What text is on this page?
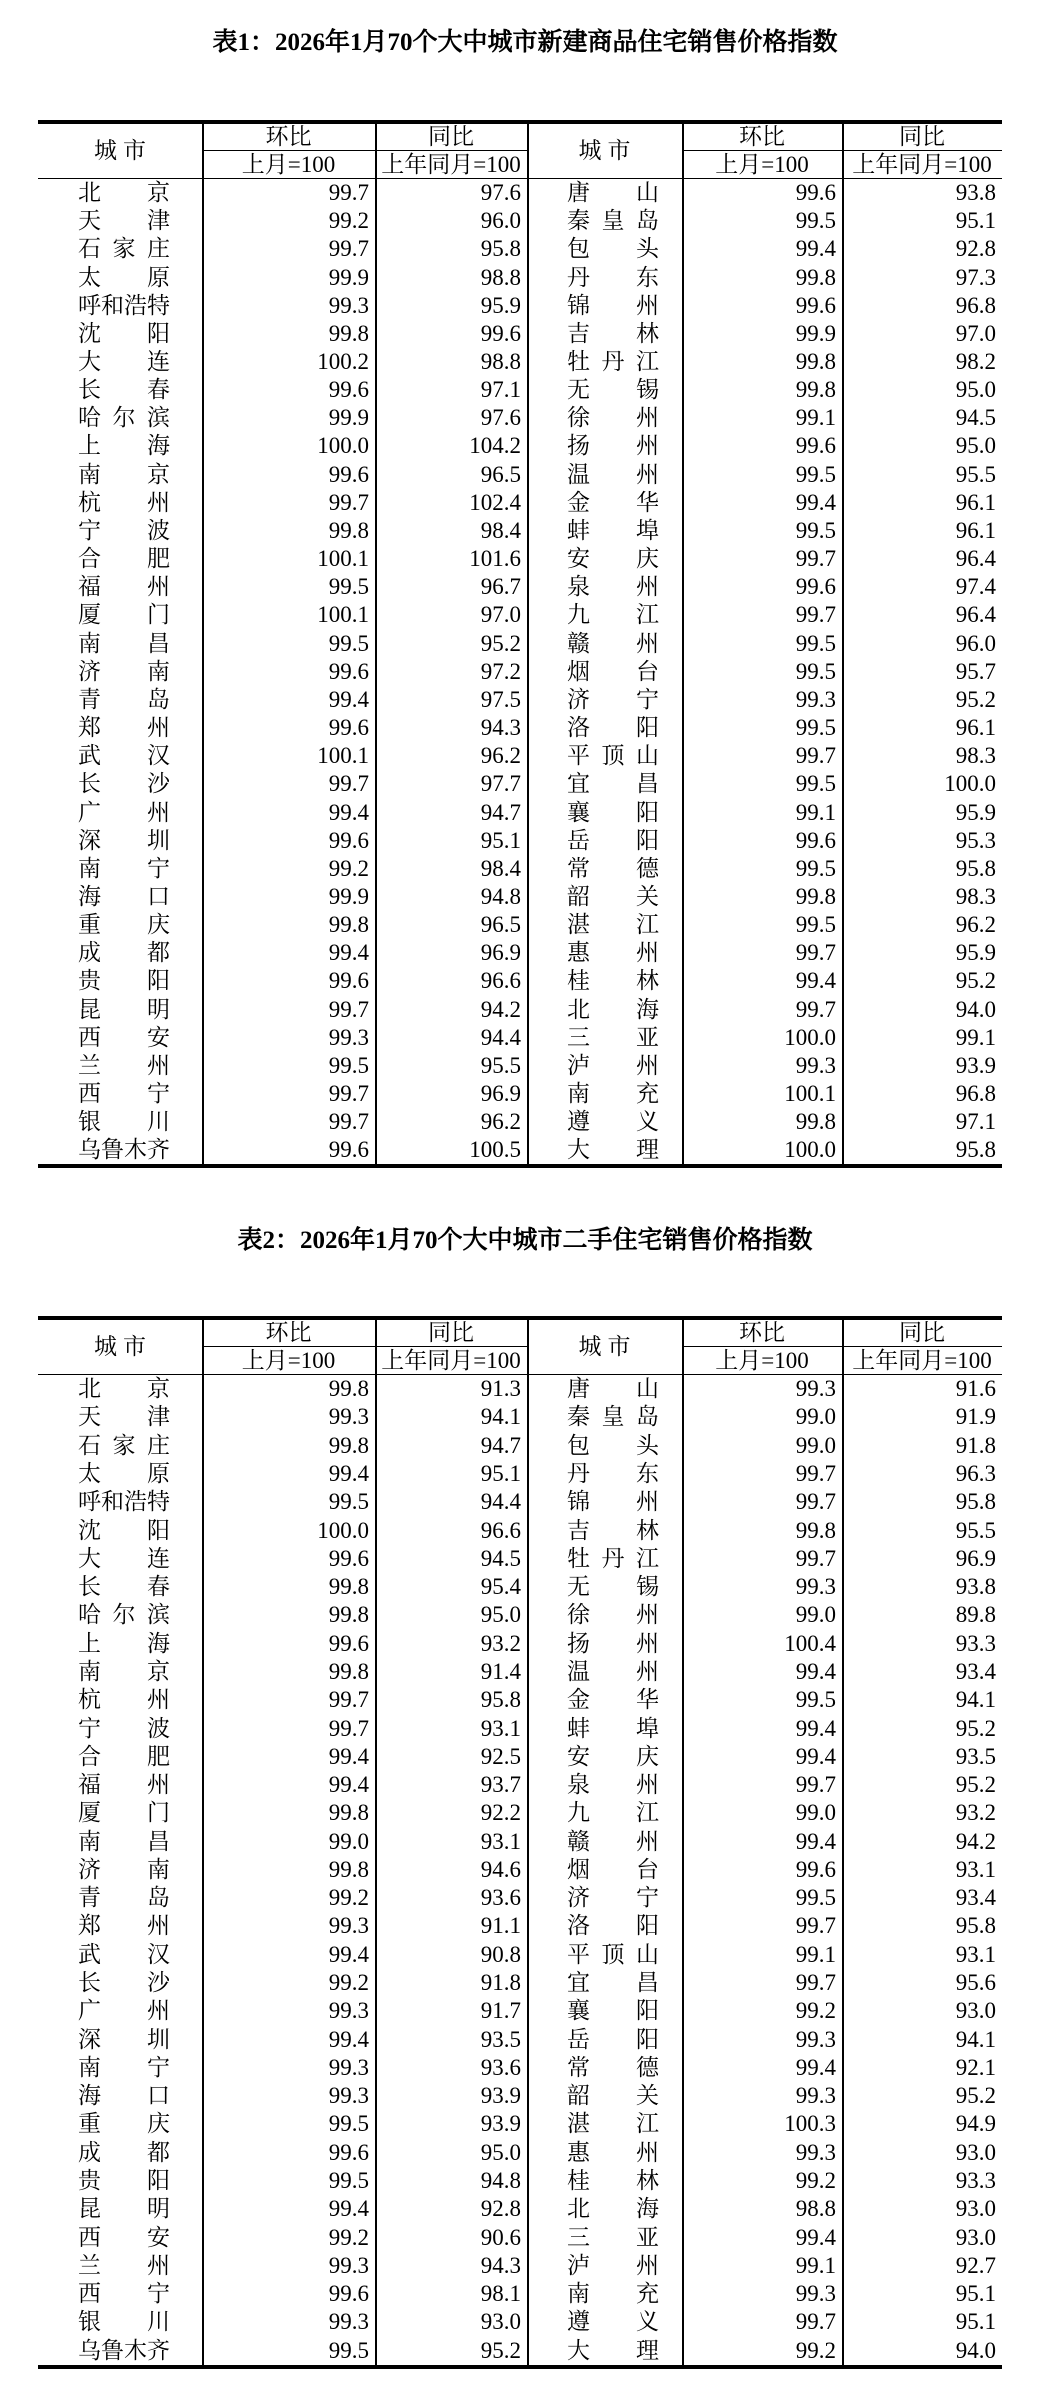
表1：2026年1月70个大中城市新建商品住宅销售价格指数
城市
环比	同比
城市
环比	同比
上月=100	上年同月=100	上月=100	上年同月=100
北 京	99.7	97.6 唐 山	99.6	93.8
天 津	99.2	96.0 秦 皇 岛	99.5	95.1
石 家 庄	99.7	95.8 包 头	99.4	92.8
太 原	99.9	98.8 丹 东	99.8	97.3
呼 和 浩 特	99.3	95.9 锦 州	99.6	96.8
沈 阳	99.8	99.6 吉 林	99.9	97.0
大 连	100.2	98.8 牡 丹 江	99.8	98.2
长 春	99.6	97.1 无 锡	99.8	95.0
哈 尔 滨	99.9	97.6 徐 州	99.1	94.5
上 海	100.0	104.2 扬 州	99.6	95.0
南 京	99.6	96.5 温 州	99.5	95.5
杭 州	99.7	102.4 金 华	99.4	96.1
宁 波	99.8	98.4 蚌 埠	99.5	96.1
合 肥	100.1	101.6 安 庆	99.7	96.4
福 州	99.5	96.7 泉 州	99.6	97.4
厦 门	100.1	97.0 九 江	99.7	96.4
南 昌	99.5	95.2 赣 州	99.5	96.0
济 南	99.6	97.2 烟 台	99.5	95.7
青 岛	99.4	97.5 济 宁	99.3	95.2
郑 州	99.6	94.3 洛 阳	99.5	96.1
武 汉	100.1	96.2 平 顶 山	99.7	98.3
长 沙	99.7	97.7 宜 昌	99.5	100.0
广 州	99.4	94.7 襄 阳	99.1	95.9
深 圳	99.6	95.1 岳 阳	99.6	95.3
南 宁	99.2	98.4 常 德	99.5	95.8
海 口	99.9	94.8 韶 关	99.8	98.3
重 庆	99.8	96.5 湛 江	99.5	96.2
成 都	99.4	96.9 惠 州	99.7	95.9
贵 阳	99.6	96.6 桂 林	99.4	95.2
昆 明	99.7	94.2 北 海	99.7	94.0
西 安	99.3	94.4 三 亚	100.0	99.1
兰 州	99.5	95.5 泸 州	99.3	93.9
西 宁	99.7	96.9 南 充	100.1	96.8
银 川	99.7	96.2 遵 义	99.8	97.1
乌 鲁 木 齐	99.6	100.5 大 理	100.0	95.8
表2：2026年1月70个大中城市二手住宅销售价格指数
城市
环比	同比
城市
环比	同比
上月=100	上年同月=100	上月=100	上年同月=100
北 京	99.8	91.3 唐 山	99.3	91.6
天 津	99.3	94.1 秦 皇 岛	99.0	91.9
石 家 庄	99.8	94.7 包 头	99.0	91.8
太 原	99.4	95.1 丹 东	99.7	96.3
呼 和 浩 特	99.5	94.4 锦 州	99.7	95.8
沈 阳	100.0	96.6 吉 林	99.8	95.5
大 连	99.6	94.5 牡 丹 江	99.7	96.9
长 春	99.8	95.4 无 锡	99.3	93.8
哈 尔 滨	99.8	95.0 徐 州	99.0	89.8
上 海	99.6	93.2 扬 州	100.4	93.3
南 京	99.8	91.4 温 州	99.4	93.4
杭 州	99.7	95.8 金 华	99.5	94.1
宁 波	99.7	93.1 蚌 埠	99.4	95.2
合 肥	99.4	92.5 安 庆	99.4	93.5
福 州	99.4	93.7 泉 州	99.7	95.2
厦 门	99.8	92.2 九 江	99.0	93.2
南 昌	99.0	93.1 赣 州	99.4	94.2
济 南	99.8	94.6 烟 台	99.6	93.1
青 岛	99.2	93.6 济 宁	99.5	93.4
郑 州	99.3	91.1 洛 阳	99.7	95.8
武 汉	99.4	90.8 平 顶 山	99.1	93.1
长 沙	99.2	91.8 宜 昌	99.7	95.6
广 州	99.3	91.7 襄 阳	99.2	93.0
深 圳	99.4	93.5 岳 阳	99.3	94.1
南 宁	99.3	93.6 常 德	99.4	92.1
海 口	99.3	93.9 韶 关	99.3	95.2
重 庆	99.5	93.9 湛 江	100.3	94.9
成 都	99.6	95.0 惠 州	99.3	93.0
贵 阳	99.5	94.8 桂 林	99.2	93.3
昆 明	99.4	92.8 北 海	98.8	93.0
西 安	99.2	90.6 三 亚	99.4	93.0
兰 州	99.3	94.3 泸 州	99.1	92.7
西 宁	99.6	98.1 南 充	99.3	95.1
银 川	99.3	93.0 遵 义	99.7	95.1
乌 鲁 木 齐	99.5	95.2 大 理	99.2	94.0
